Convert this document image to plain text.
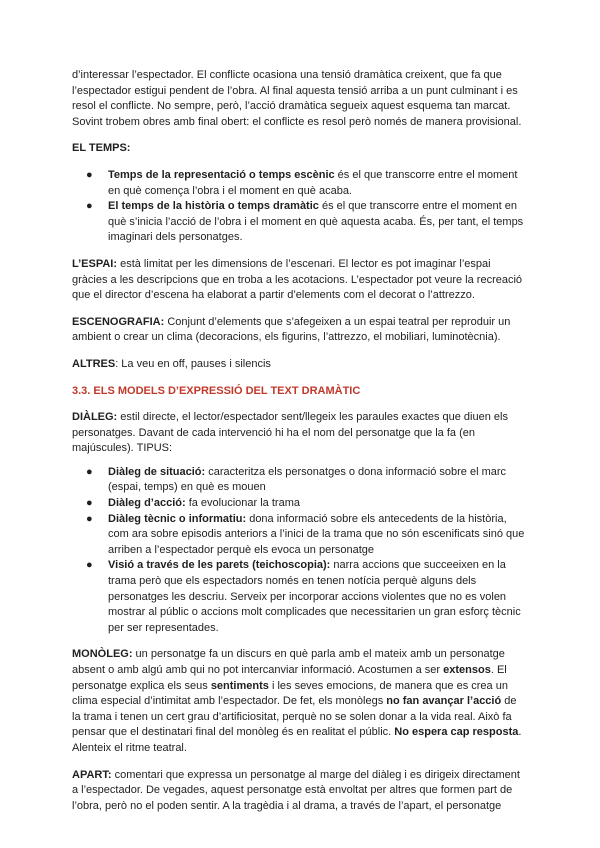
d’interessar l’espectador. El conflicte ocasiona una tensió dramàtica creixent, que fa que l’espectador estigui pendent de l’obra. Al final aquesta tensió arriba a un punt culminant i es resol el conflicte. No sempre, però, l’acció dramàtica segueix aquest esquema tan marcat. Sovint trobem obres amb final obert: el conflicte es resol però només de manera provisional.

EL TEMPS:

● Temps de la representació o temps escènic és el que transcorre entre el moment en què comença l’obra i el moment en què acaba.
● El temps de la història o temps dramàtic és el que transcorre entre el moment en què s’inicia l’acció de l’obra i el moment en què aquesta acaba. És, per tant, el temps imaginari dels personatges.

L’ESPAI: està limitat per les dimensions de l’escenari. El lector es pot imaginar l’espai gràcies a les descripcions que en troba a les acotacions. L’espectador pot veure la recreació que el director d’escena ha elaborat a partir d’elements com el decorat o l’attrezzo.

ESCENOGRAFIA: Conjunt d’elements que s’afegeixen a un espai teatral per reproduir un ambient o crear un clima (decoracions, els figurins, l’attrezzo, el mobiliari, luminotècnia).

ALTRES: La veu en off, pauses i silencis

3.3. ELS MODELS D’EXPRESSIÓ DEL TEXT DRAMÀTIC

DIÀLEG: estil directe, el lector/espectador sent/llegeix les paraules exactes que diuen els personatges. Davant de cada intervenció hi ha el nom del personatge que la fa (en majúscules). TIPUS:

● Diàleg de situació: caracteritza els personatges o dona informació sobre el marc (espai, temps) en què es mouen
● Diàleg d’acció: fa evolucionar la trama
● Diàleg tècnic o informatiu: dona informació sobre els antecedents de la història, com ara sobre episodis anteriors a l’inici de la trama que no són escenificats sinó que arriben a l’espectador perquè els evoca un personatge
● Visió a través de les parets (teichoscopia): narra accions que succeeixen en la trama però que els espectadors només en tenen notícia perquè alguns dels personatges les descriu. Serveix per incorporar accions violentes que no es volen mostrar al públic o accions molt complicades que necessitarien un gran esforç tècnic per ser representades.

MONÒLEG: un personatge fa un discurs en què parla amb el mateix amb un personatge absent o amb algú amb qui no pot intercanviar informació. Acostumen a ser extensos. El personatge explica els seus sentiments i les seves emocions, de manera que es crea un clima especial d’intimitat amb l’espectador. De fet, els monòlegs no fan avançar l’acció de la trama i tenen un cert grau d’artificiositat, perquè no se solen donar a la vida real. Això fa pensar que el destinatari final del monòleg és en realitat el públic. No espera cap resposta. Alenteix el ritme teatral.

APART: comentari que expressa un personatge al marge del diàleg i es dirigeix directament a l’espectador. De vegades, aquest personatge està envoltat per altres que formen part de l’obra, però no el poden sentir. A la tragèdia i al drama, a través de l’apart, el personatge
